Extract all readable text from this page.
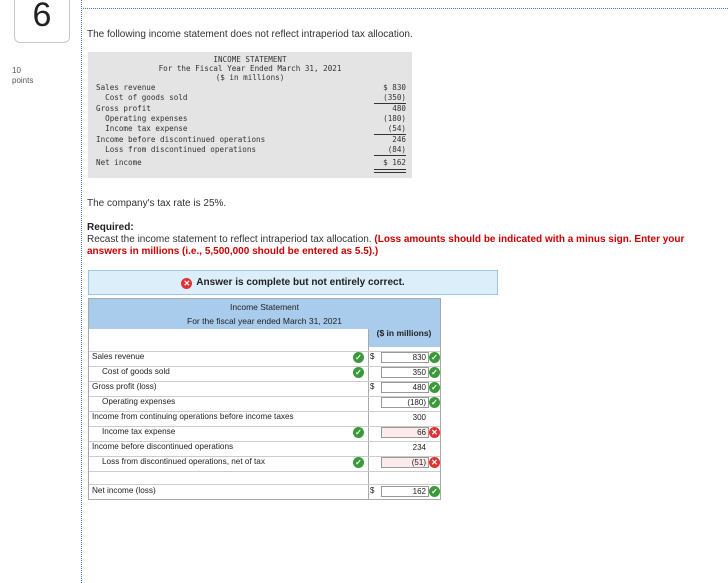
6
10
points
The following income statement does not reflect intraperiod tax allocation.
INCOME STATEMENT
For the Fiscal Year Ended March 31, 2021
($ in millions)
Sales revenue	$ 830
Cost of goods sold	(350)
Gross profit	480
Operating expenses	(180)
Income tax expense	(54)
Income before discontinued operations	246
Loss from discontinued operations	(84)
Net income	$ 162
The company's tax rate is 25%.
Required:
Recast the income statement to reflect intraperiod tax allocation. (Loss amounts should be indicated with a minus sign. Enter your answers in millions (i.e., 5,500,000 should be entered as 5.5).)
✕ Answer is complete but not entirely correct.
Income Statement
For the fiscal year ended March 31, 2021
($ in millions)
Sales revenue	✓ $	830 ✓
Cost of goods sold	✓	350 ✓
Gross profit (loss)	$	480 ✓
Operating expenses	(180) ✓
Income from continuing operations before income taxes	300
Income tax expense	✓	66 ✕
Income before discontinued operations	234
Loss from discontinued operations, net of tax	✓	(51) ✕
Net income (loss)	$	162 ✓
